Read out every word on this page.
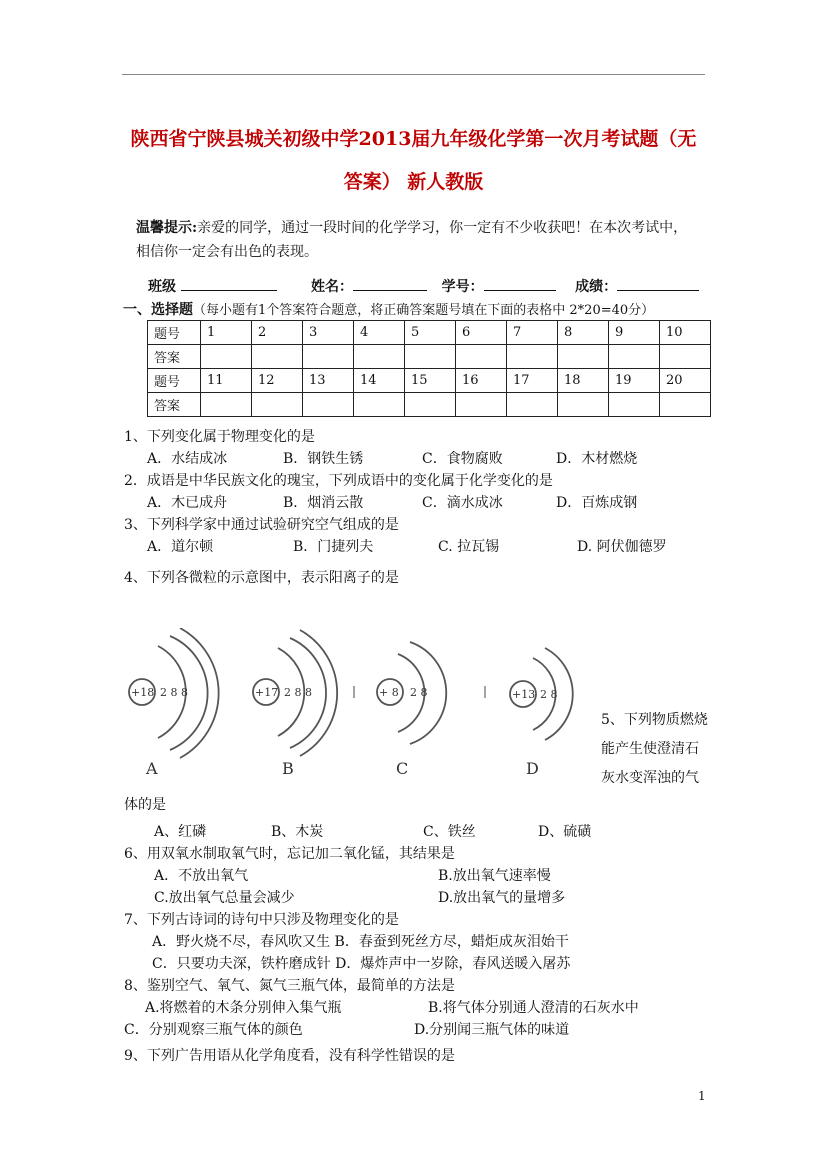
陕西省宁陕县城关初级中学2013届九年级化学第一次月考试题（无
答案） 新人教版
温馨提示:亲爱的同学，通过一段时间的化学学习，你一定有不少收获吧！在本次考试中，
相信你一定会有出色的表现。
班级	姓名：	学号：	成绩：
一、选择题（每小题有1个答案符合题意，将正确答案题号填在下面的表格中 2*20=40分）
题号	1	2	3	4	5	6	7	8	9	10
答案										
题号	11	12	13	14	15	16	17	18	19	20
答案										
1、下列变化属于物理变化的是
A．水结成冰	B．钢铁生锈	C．食物腐败	D．木材燃烧
2．成语是中华民族文化的瑰宝，下列成语中的变化属于化学变化的是
A．木已成舟	B．烟消云散	C．滴水成冰	D．百炼成钢
3、下列科学家中通过试验研究空气组成的是
A．道尔顿	B．门捷列夫	C. 拉瓦锡	D. 阿伏伽德罗
4、下列各微粒的示意图中，表示阳离子的是
+18 2 8 8	+17 2 8 8	+ 8 2 8	+13 2 8
A	B	C	D
5、下列物质燃烧
能产生使澄清石
灰水变浑浊的气
体的是
A、红磷	B、木炭	C、铁丝	D、硫磺
6、用双氧水制取氧气时，忘记加二氧化锰，其结果是
A．不放出氧气	B.放出氧气速率慢
C.放出氧气总量会减少	D.放出氧气的量增多
7、下列古诗词的诗句中只涉及物理变化的是
A．野火烧不尽，春风吹又生 B．春蚕到死丝方尽，蜡炬成灰泪始干
C．只要功夫深，铁杵磨成针 D．爆炸声中一岁除，春风送暖入屠苏
8、鉴别空气、氧气、氮气三瓶气体，最简单的方法是
A.将燃着的木条分别伸入集气瓶	B.将气体分别通人澄清的石灰水中
C．分别观察三瓶气体的颜色	D.分别闻三瓶气体的味道
9、下列广告用语从化学角度看，没有科学性错误的是
1
